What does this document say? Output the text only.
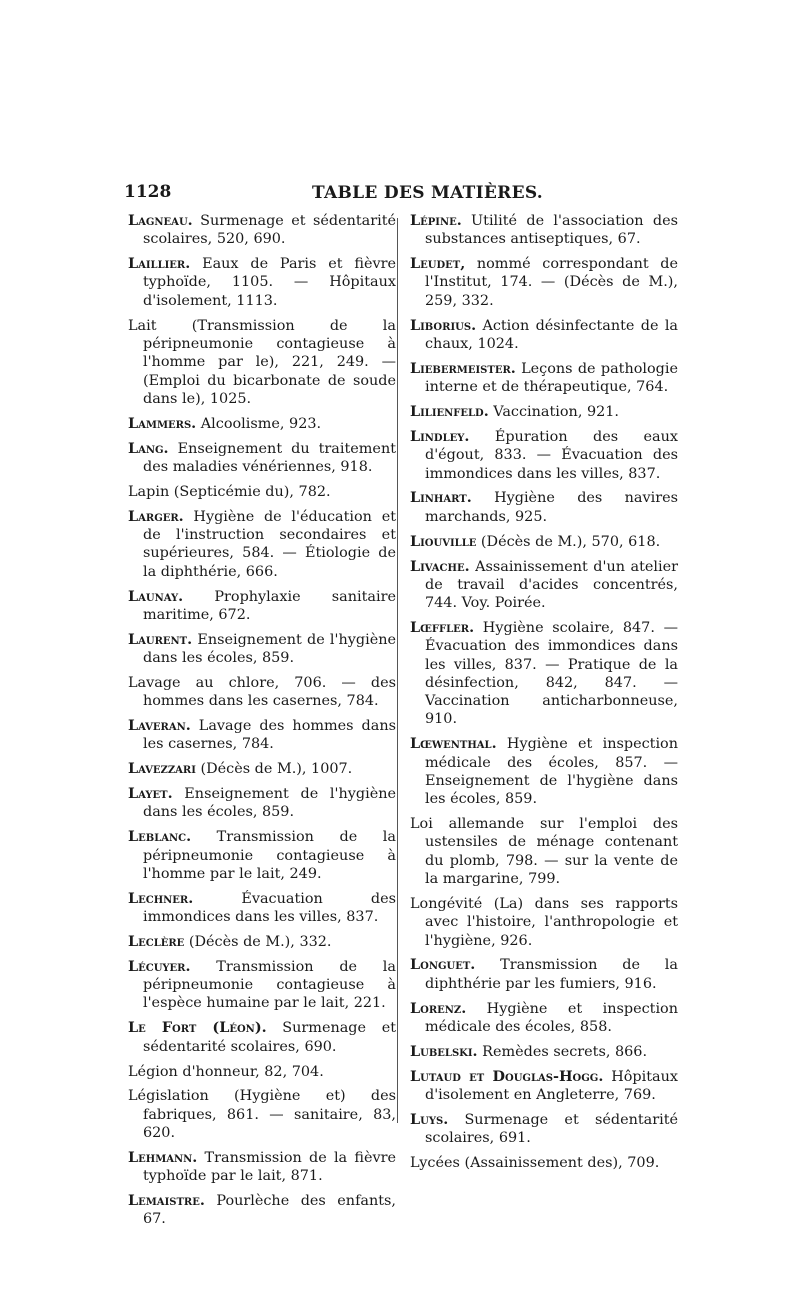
1128	TABLE DES MATIÈRES.

Lagneau. Surmenage et sédentarité scolaires, 520, 690.

Laillier. Eaux de Paris et fièvre typhoïde, 1105. — Hôpitaux d'isolement, 1113.

Lait (Transmission de la péripneumonie contagieuse à l'homme par le), 221, 249. — (Emploi du bicarbonate de soude dans le), 1025.

Lammers. Alcoolisme, 923.

Lang. Enseignement du traitement des maladies vénériennes, 918.

Lapin (Septicémie du), 782.

Larger. Hygiène de l'éducation et de l'instruction secondaires et supérieures, 584. — Étiologie de la diphthérie, 666.

Launay. Prophylaxie sanitaire maritime, 672.

Laurent. Enseignement de l'hygiène dans les écoles, 859.

Lavage au chlore, 706. — des hommes dans les casernes, 784.

Laveran. Lavage des hommes dans les casernes, 784.

Lavezzari (Décès de M.), 1007.

Layet. Enseignement de l'hygiène dans les écoles, 859.

Leblanc. Transmission de la péripneumonie contagieuse à l'homme par le lait, 249.

Lechner. Évacuation des immondices dans les villes, 837.

Leclère (Décès de M.), 332.

Lécuyer. Transmission de la péripneumonie contagieuse à l'espèce humaine par le lait, 221.

Le Fort (Léon). Surmenage et sédentarité scolaires, 690.

Légion d'honneur, 82, 704.

Législation (Hygiène et) des fabriques, 861. — sanitaire, 83, 620.

Lehmann. Transmission de la fièvre typhoïde par le lait, 871.

Lemaistre. Pourlèche des enfants, 67.

Lépine. Utilité de l'association des substances antiseptiques, 67.

Leudet, nommé correspondant de l'Institut, 174. — (Décès de M.), 259, 332.

Liborius. Action désinfectante de la chaux, 1024.

Liebermeister. Leçons de pathologie interne et de thérapeutique, 764.

Lilienfeld. Vaccination, 921.

Lindley. Épuration des eaux d'égout, 833. — Évacuation des immondices dans les villes, 837.

Linhart. Hygiène des navires marchands, 925.

Liouville (Décès de M.), 570, 618.

Livache. Assainissement d'un atelier de travail d'acides concentrés, 744. Voy. Poirée.

Lœffler. Hygiène scolaire, 847. — Évacuation des immondices dans les villes, 837. — Pratique de la désinfection, 842, 847. — Vaccination anticharbonneuse, 910.

Lœwenthal. Hygiène et inspection médicale des écoles, 857. — Enseignement de l'hygiène dans les écoles, 859.

Loi allemande sur l'emploi des ustensiles de ménage contenant du plomb, 798. — sur la vente de la margarine, 799.

Longévité (La) dans ses rapports avec l'histoire, l'anthropologie et l'hygiène, 926.

Longuet. Transmission de la diphthérie par les fumiers, 916.

Lorenz. Hygiène et inspection médicale des écoles, 858.

Lubelski. Remèdes secrets, 866.

Lutaud et Douglas-Hogg. Hôpitaux d'isolement en Angleterre, 769.

Luys. Surmenage et sédentarité scolaires, 691.

Lycées (Assainissement des), 709.
